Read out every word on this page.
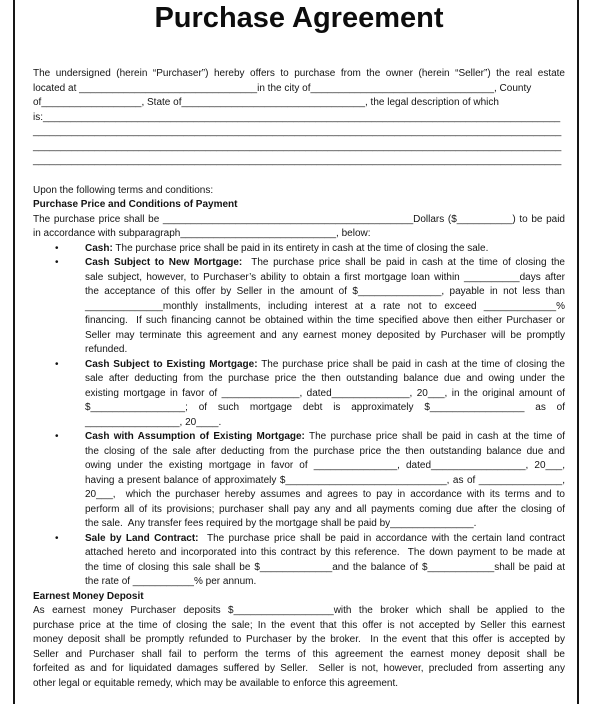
Purchase Agreement
The undersigned (herein “Purchaser”) hereby offers to purchase from the owner (herein “Seller”) the real estate
located at ________________________________in the city of_________________________________, County
of__________________, State of_________________________________, the legal description of which
is:_____________________________________________________________________________________________
_______________________________________________________________________________________________
_______________________________________________________________________________________________
_______________________________________________________________________________________________
Upon the following terms and conditions:
Purchase Price and Conditions of Payment
The purchase price shall be _____________________________________________Dollars ($__________) to be paid
in accordance with subparagraph____________________________, below:
•	Cash: The purchase price shall be paid in its entirety in cash at the time of closing the sale.
•	Cash Subject to New Mortgage:  The purchase price shall be paid in cash at the time of closing the
sale subject, however, to Purchaser’s ability to obtain a first mortgage loan within __________days after
the acceptance of this offer by Seller in the amount of $_______________, payable in not less than
______________monthly installments, including interest at a rate not to exceed _____________%
financing.  If such financing cannot be obtained within the time specified above then either Purchaser or
Seller may terminate this agreement and any earnest money deposited by Purchaser will be promptly
refunded.
•	Cash Subject to Existing Mortgage: The purchase price shall be paid in cash at the time of closing the
sale after deducting from the purchase price the then outstanding balance due and owing under the
existing mortgage in favor of ______________, dated______________, 20___, in the original amount of
$_________________;  of  such  mortgage  debt  is  approximately  $_________________  as  of
_________________, 20____.
•	Cash with Assumption of Existing Mortgage: The purchase price shall be paid in cash at the time of
the closing of the sale after deducting from the purchase price the then outstanding balance due and
owing under the existing mortgage in favor of _______________, dated_________________, 20___,
having a present balance of approximately $_____________________________, as of _______________,
20___,  which the purchaser hereby assumes and agrees to pay in accordance with its terms and to
perform all of its provisions; purchaser shall pay any and all payments coming due after the closing of
the sale.  Any transfer fees required by the mortgage shall be paid by_______________.
•	Sale by Land Contract:  The purchase price shall be paid in accordance with the certain land contract
attached hereto and incorporated into this contract by this reference.  The down payment to be made at
the time of closing this sale shall be $_____________and the balance of $____________shall be paid at
the rate of ___________% per annum.
Earnest Money Deposit
As earnest money Purchaser deposits $__________________with the broker which shall be applied to the
purchase price at the time of closing the sale; In the event that this offer is not accepted by Seller this earnest
money deposit shall be promptly refunded to Purchaser by the broker.  In the event that this offer is accepted by
Seller and Purchaser shall fail to perform the terms of this agreement the earnest money deposit shall be
forfeited as and for liquidated damages suffered by Seller.  Seller is not, however, precluded from asserting any
other legal or equitable remedy, which may be available to enforce this agreement.
